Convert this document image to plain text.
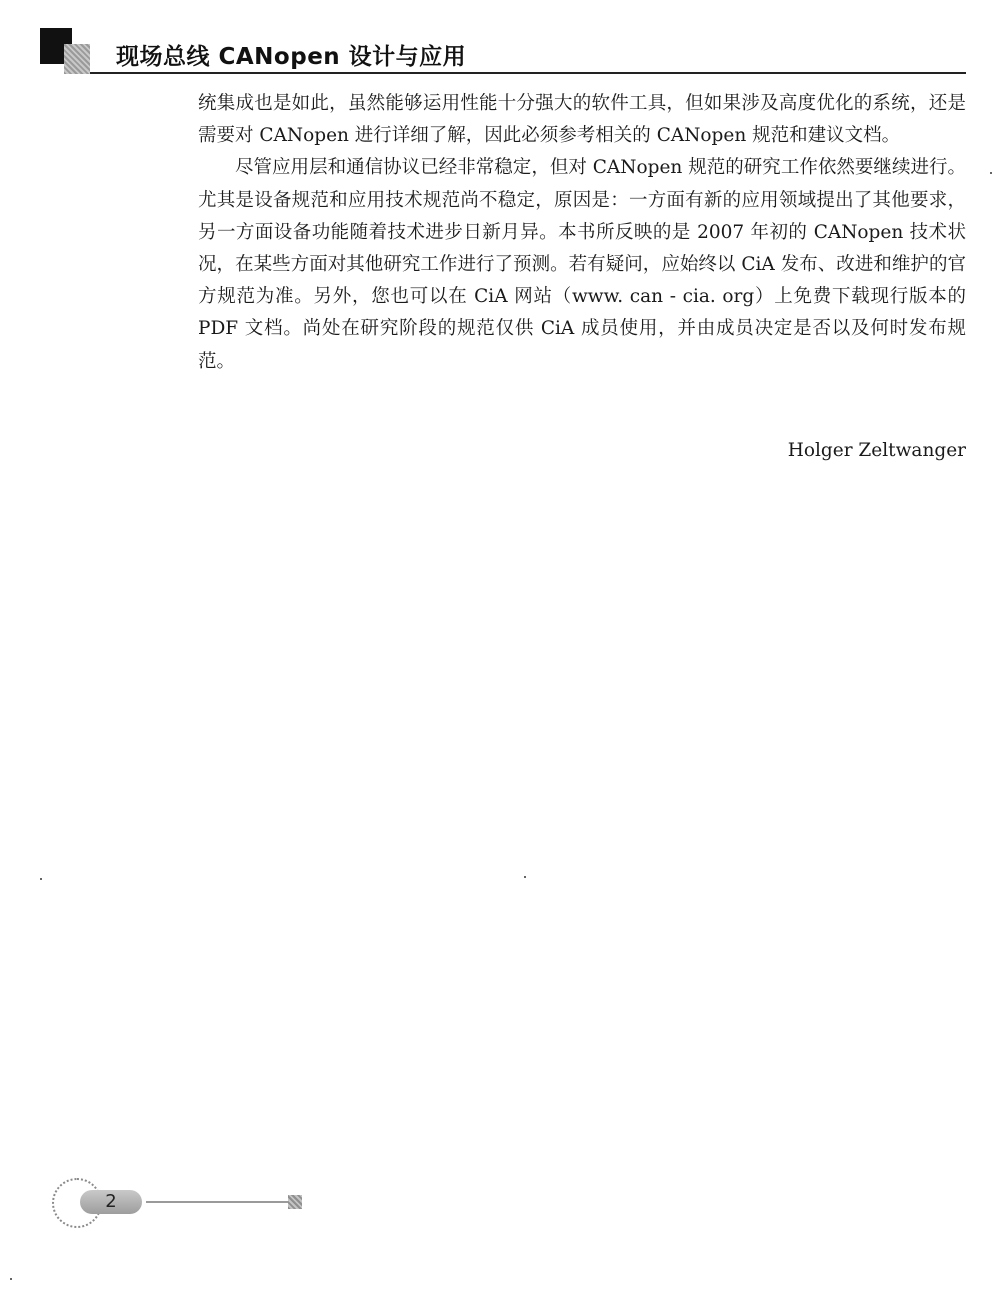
现场总线 CANopen 设计与应用

统集成也是如此，虽然能够运用性能十分强大的软件工具，但如果涉及高度优化的系统，还是需要对 CANopen 进行详细了解，因此必须参考相关的 CANopen 规范和建议文档。

尽管应用层和通信协议已经非常稳定，但对 CANopen 规范的研究工作依然要继续进行。尤其是设备规范和应用技术规范尚不稳定，原因是：一方面有新的应用领域提出了其他要求，另一方面设备功能随着技术进步日新月异。本书所反映的是 2007 年初的 CANopen 技术状况，在某些方面对其他研究工作进行了预测。若有疑问，应始终以 CiA 发布、改进和维护的官方规范为准。另外，您也可以在 CiA 网站（www. can - cia. org）上免费下载现行版本的 PDF 文档。尚处在研究阶段的规范仅供 CiA 成员使用，并由成员决定是否以及何时发布规范。

Holger Zeltwanger
2
